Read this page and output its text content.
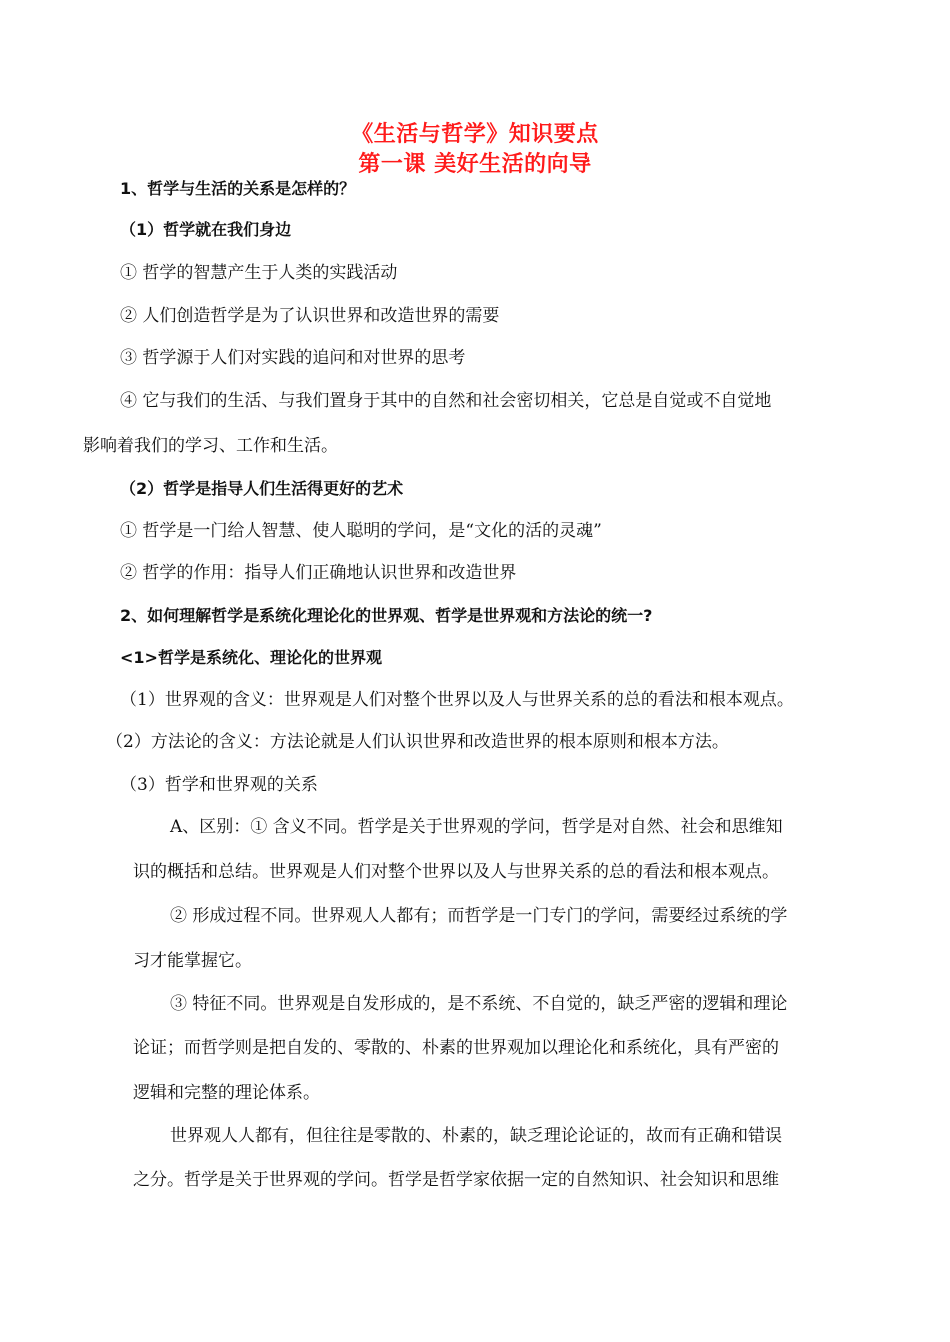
《生活与哲学》知识要点
第一课 美好生活的向导
1、哲学与生活的关系是怎样的？
（1）哲学就在我们身边
① 哲学的智慧产生于人类的实践活动
② 人们创造哲学是为了认识世界和改造世界的需要
③ 哲学源于人们对实践的追问和对世界的思考
④ 它与我们的生活、与我们置身于其中的自然和社会密切相关，它总是自觉或不自觉地
影响着我们的学习、工作和生活。
（2）哲学是指导人们生活得更好的艺术
① 哲学是一门给人智慧、使人聪明的学问，是“文化的活的灵魂”
② 哲学的作用：指导人们正确地认识世界和改造世界
2、如何理解哲学是系统化理论化的世界观、哲学是世界观和方法论的统一?
<1>哲学是系统化、理论化的世界观
（1）世界观的含义：世界观是人们对整个世界以及人与世界关系的总的看法和根本观点。
（2）方法论的含义：方法论就是人们认识世界和改造世界的根本原则和根本方法。
（3）哲学和世界观的关系
A、区别：① 含义不同。哲学是关于世界观的学问，哲学是对自然、社会和思维知
识的概括和总结。世界观是人们对整个世界以及人与世界关系的总的看法和根本观点。
② 形成过程不同。世界观人人都有；而哲学是一门专门的学问，需要经过系统的学
习才能掌握它。
③ 特征不同。世界观是自发形成的，是不系统、不自觉的，缺乏严密的逻辑和理论
论证；而哲学则是把自发的、零散的、朴素的世界观加以理论化和系统化，具有严密的
逻辑和完整的理论体系。
世界观人人都有，但往往是零散的、朴素的，缺乏理论论证的，故而有正确和错误
之分。哲学是关于世界观的学问。哲学是哲学家依据一定的自然知识、社会知识和思维
